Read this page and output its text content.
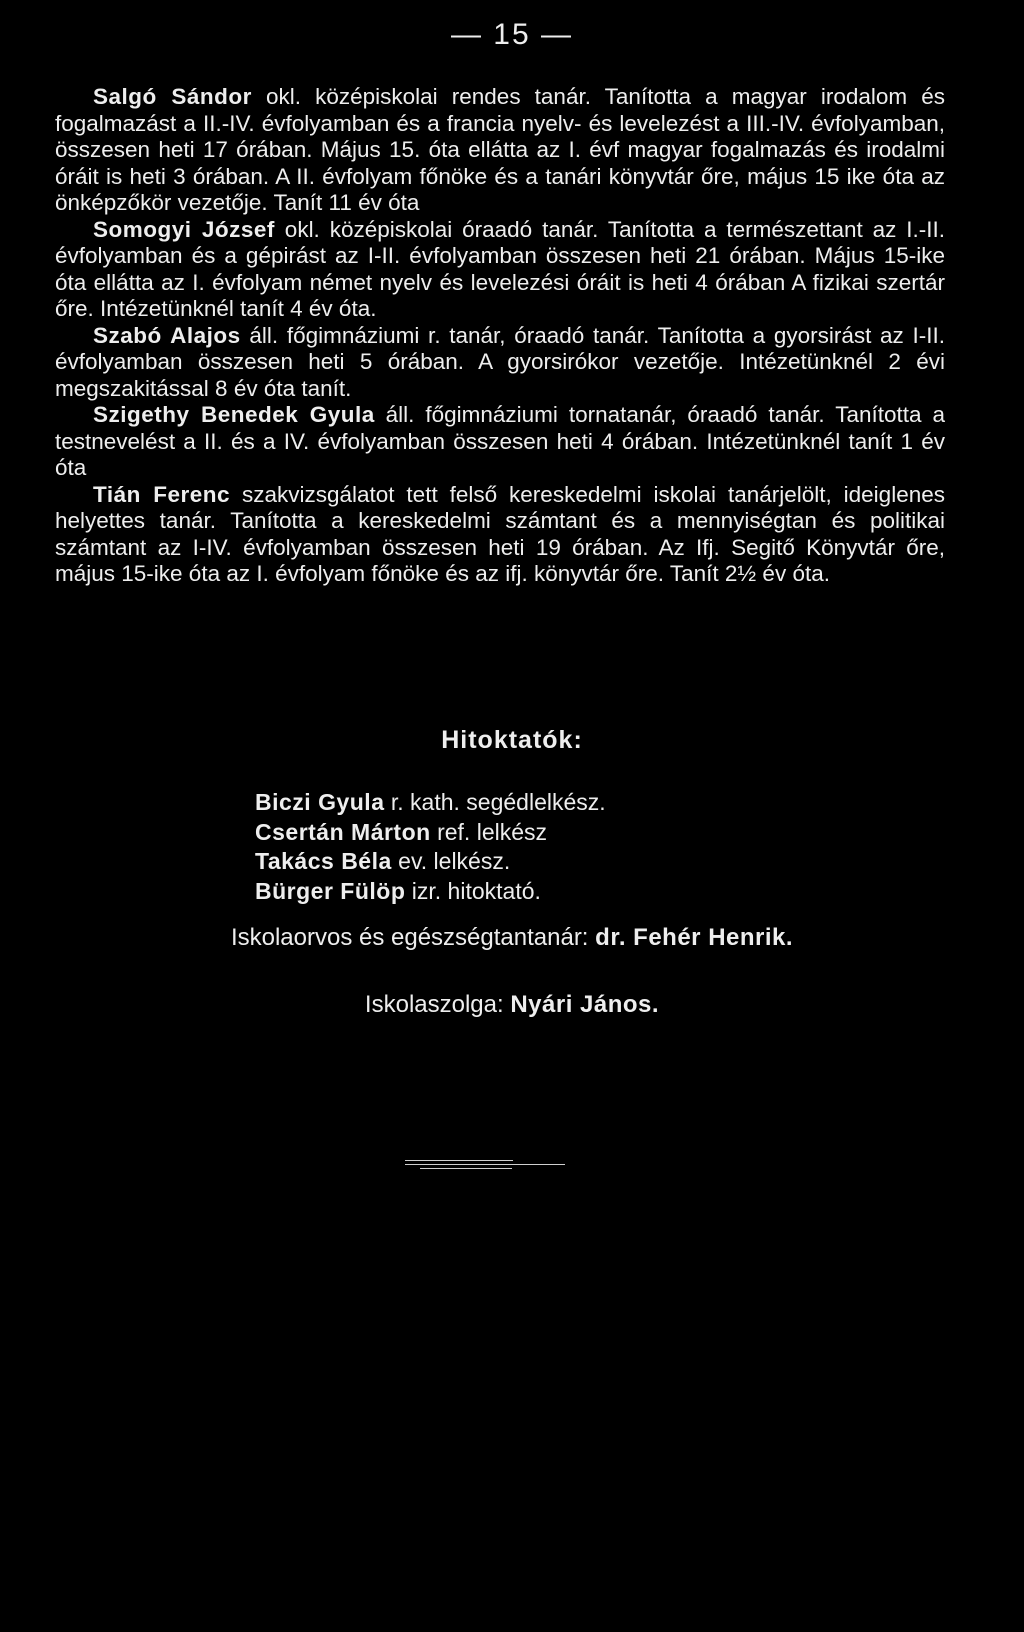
— 15 —

Salgó Sándor okl. középiskolai rendes tanár. Tanította a magyar irodalom és fogalmazást a II.-IV. évfolyamban és a francia nyelv- és levelezést a III.-IV. évfolyamban, összesen heti 17 órában. Május 15. óta ellátta az I. évf magyar fogalmazás és irodalmi óráit is heti 3 órában. A II. évfolyam főnöke és a tanári könyvtár őre, május 15 ike óta az önképzőkör vezetője. Tanít 11 év óta

Somogyi József okl. középiskolai óraadó tanár. Tanította a természettant az I.-II. évfolyamban és a gépirást az I-II. évfolyamban összesen heti 21 órában. Május 15-ike óta ellátta az I. évfolyam német nyelv és levelezési óráit is heti 4 órában A fizikai szertár őre. Intézetünknél tanít 4 év óta.

Szabó Alajos áll. főgimnáziumi r. tanár, óraadó tanár. Tanította a gyorsirást az I-II. évfolyamban összesen heti 5 órában. A gyorsirókor vezetője. Intézetünknél 2 évi megszakitással 8 év óta tanít.

Szigethy Benedek Gyula áll. főgimnáziumi tornatanár, óraadó tanár. Tanította a testnevelést a II. és a IV. évfolyamban összesen heti 4 órában. Intézetünknél tanít 1 év óta

Tián Ferenc szakvizsgálatot tett felső kereskedelmi iskolai tanárjelölt, ideiglenes helyettes tanár. Tanította a kereskedelmi számtant és a mennyiségtan és politikai számtant az I-IV. évfolyamban összesen heti 19 órában. Az Ifj. Segitő Könyvtár őre, május 15-ike óta az I. évfolyam főnöke és az ifj. könyvtár őre. Tanít 2½ év óta.

Hitoktatók:
Biczi Gyula r. kath. segédlelkész.
Csertán Márton ref. lelkész
Takács Béla ev. lelkész.
Bürger Fülöp izr. hitoktató.
Iskolaorvos és egészségtantanár: dr. Fehér Henrik.
Iskolaszolga: Nyári János.
